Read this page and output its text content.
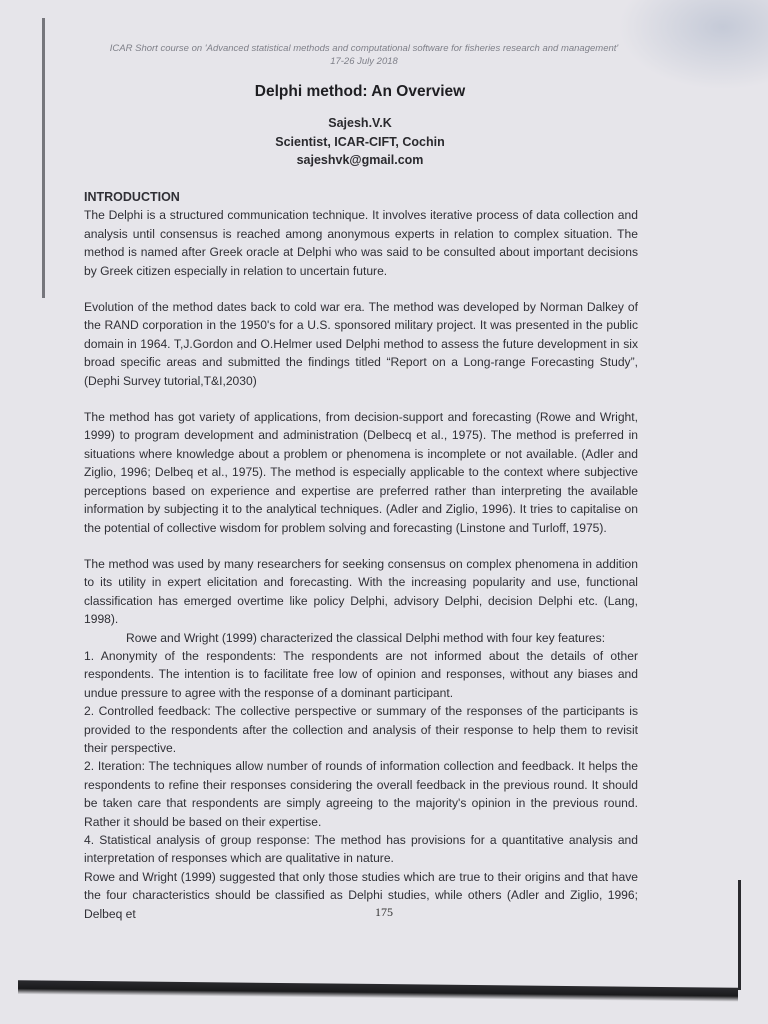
ICAR Short course on 'Advanced statistical methods and computational software for fisheries research and management'
17-26 July 2018
Delphi method: An Overview
Sajesh.V.K
Scientist, ICAR-CIFT, Cochin
sajeshvk@gmail.com

INTRODUCTION

The Delphi is a structured communication technique. It involves iterative process of data collection and analysis until consensus is reached among anonymous experts in relation to complex situation. The method is named after Greek oracle at Delphi who was said to be consulted about important decisions by Greek citizen especially in relation to uncertain future.

Evolution of the method dates back to cold war era. The method was developed by Norman Dalkey of the RAND corporation in the 1950's for a U.S. sponsored military project. It was presented in the public domain in 1964. T,J.Gordon and O.Helmer used Delphi method to assess the future development in six broad specific areas and submitted the findings titled “Report on a Long-range Forecasting Study”, (Dephi Survey tutorial,T&I,2030)

The method has got variety of applications, from decision-support and forecasting (Rowe and Wright, 1999) to program development and administration (Delbecq et al., 1975). The method is preferred in situations where knowledge about a problem or phenomena is incomplete or not available. (Adler and Ziglio, 1996; Delbeq et al., 1975). The method is especially applicable to the context where subjective perceptions based on experience and expertise are preferred rather than interpreting the available information by subjecting it to the analytical techniques. (Adler and Ziglio, 1996). It tries to capitalise on the potential of collective wisdom for problem solving and forecasting (Linstone and Turloff, 1975).

The method was used by many researchers for seeking consensus on complex phenomena in addition to its utility in expert elicitation and forecasting. With the increasing popularity and use, functional classification has emerged overtime like policy Delphi, advisory Delphi, decision Delphi etc. (Lang, 1998).

Rowe and Wright (1999) characterized the classical Delphi method with four key features:

1. Anonymity of the respondents: The respondents are not informed about the details of other respondents. The intention is to facilitate free low of opinion and responses, without any biases and undue pressure to agree with the response of a dominant participant.

2. Controlled feedback: The collective perspective or summary of the responses of the participants is provided to the respondents after the collection and analysis of their response to help them to revisit their perspective.

2. Iteration: The techniques allow number of rounds of information collection and feedback. It helps the respondents to refine their responses considering the overall feedback in the previous round. It should be taken care that respondents are simply agreeing to the majority's opinion in the previous round. Rather it should be based on their expertise.

4. Statistical analysis of group response: The method has provisions for a quantitative analysis and interpretation of responses which are qualitative in nature.

Rowe and Wright (1999) suggested that only those studies which are true to their origins and that have the four characteristics should be classified as Delphi studies, while others (Adler and Ziglio, 1996; Delbeq et	175
